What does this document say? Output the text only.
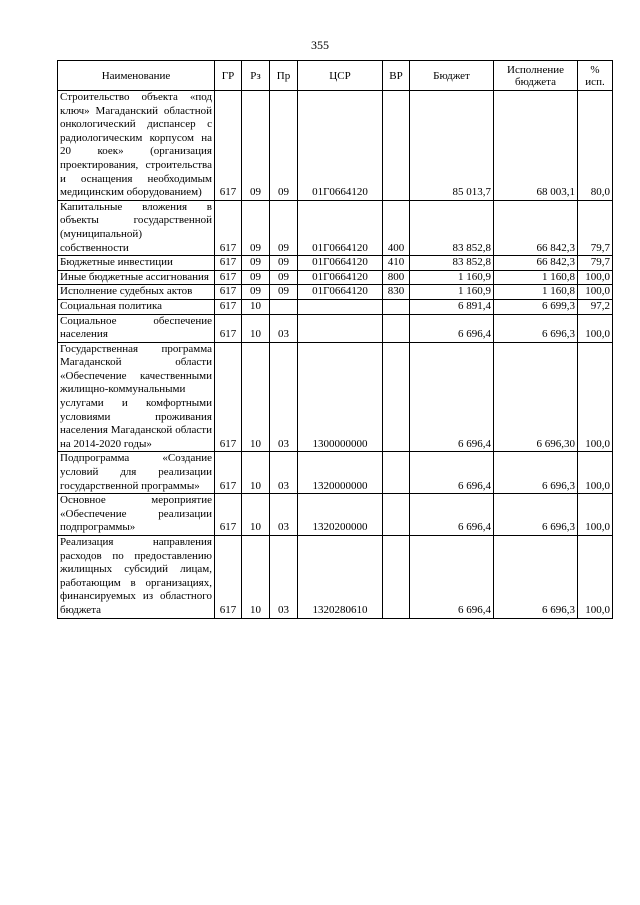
355
Наименование	ГР	Рз	Пр	ЦСР	ВР	Бюджет	Исполнение бюджета	% исп.
Строительство объекта «под ключ» Магаданский областной онкологический диспансер с радиологическим корпусом на 20 коек» (организация проектирования, строительства и оснащения необходимым медицинским оборудованием)	617	09	09	01Г0664120		85 013,7	68 003,1	80,0
Капитальные вложения в объекты государственной (муниципальной) собственности	617	09	09	01Г0664120	400	83 852,8	66 842,3	79,7
Бюджетные инвестиции	617	09	09	01Г0664120	410	83 852,8	66 842,3	79,7
Иные бюджетные ассигнования	617	09	09	01Г0664120	800	1 160,9	1 160,8	100,0
Исполнение судебных актов	617	09	09	01Г0664120	830	1 160,9	1 160,8	100,0
Социальная политика	617	10				6 891,4	6 699,3	97,2
Социальное обеспечение населения	617	10	03			6 696,4	6 696,3	100,0
Государственная программа Магаданской области «Обеспечение качественными жилищно-коммунальными услугами и комфортными условиями проживания населения Магаданской области на 2014-2020 годы»	617	10	03	1300000000		6 696,4	6 696,30	100,0
Подпрограмма «Создание условий для реализации государственной программы»	617	10	03	1320000000		6 696,4	6 696,3	100,0
Основное мероприятие «Обеспечение реализации подпрограммы»	617	10	03	1320200000		6 696,4	6 696,3	100,0
Реализация направления расходов по предоставлению жилищных субсидий лицам, работающим в организациях, финансируемых из областного бюджета	617	10	03	1320280610		6 696,4	6 696,3	100,0
